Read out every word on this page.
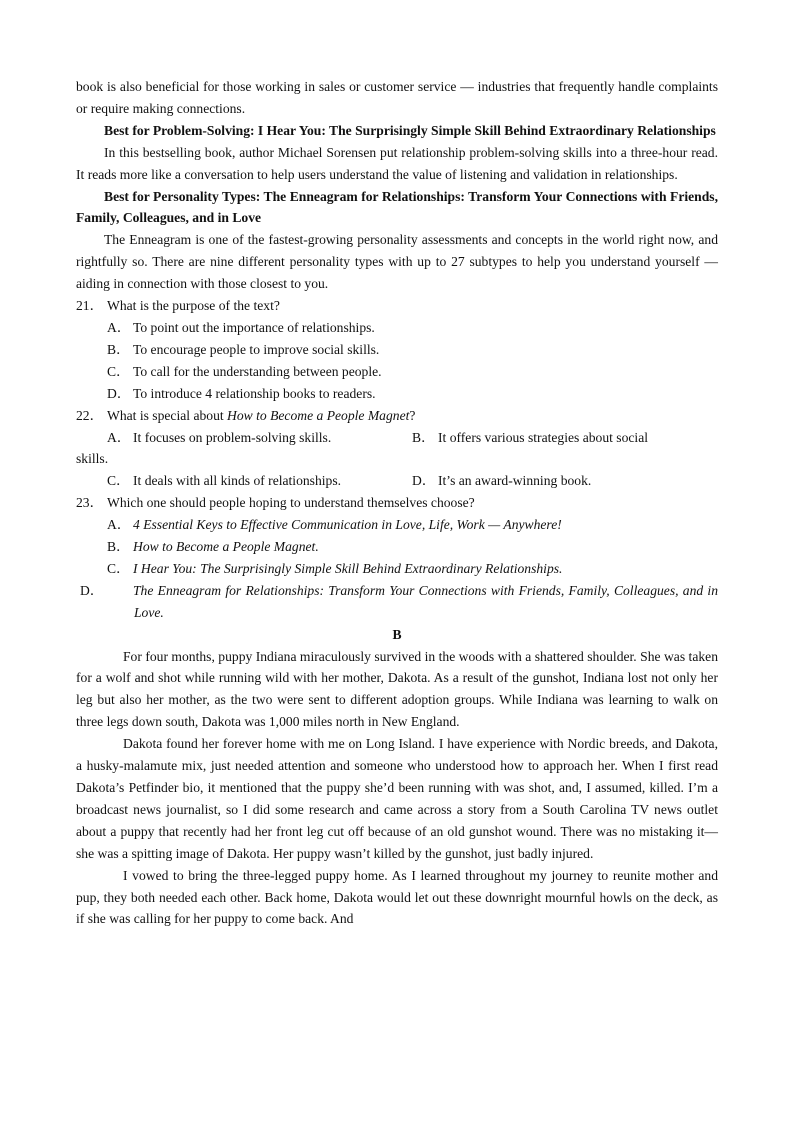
book is also beneficial for those working in sales or customer service — industries that frequently handle complaints or require making connections.

Best for Problem-Solving: I Hear You: The Surprisingly Simple Skill Behind Extraordinary Relationships

In this bestselling book, author Michael Sorensen put relationship problem-solving skills into a three-hour read. It reads more like a conversation to help users understand the value of listening and validation in relationships.

Best for Personality Types: The Enneagram for Relationships: Transform Your Connections with Friends, Family, Colleagues, and in Love

The Enneagram is one of the fastest-growing personality assessments and concepts in the world right now, and rightfully so. There are nine different personality types with up to 27 subtypes to help you understand yourself — aiding in connection with those closest to you.

21． What is the purpose of the text?

A． To point out the importance of relationships.

B． To encourage people to improve social skills.

C． To call for the understanding between people.

D． To introduce 4 relationship books to readers.

22． What is special about How to Become a People Magnet?

A． It focuses on problem-solving skills.	B． It offers various strategies about social

skills.

C． It deals with all kinds of relationships.	D． It’s an award-winning book.

23． Which one should people hoping to understand themselves choose?

A． 4 Essential Keys to Effective Communication in Love, Life, Work — Anywhere!

B． How to Become a People Magnet.

C． I Hear You: The Surprisingly Simple Skill Behind Extraordinary Relationships.

D． The Enneagram for Relationships: Transform Your Connections with Friends, Family, Colleagues, and in Love.

B

For four months, puppy Indiana miraculously survived in the woods with a shattered shoulder. She was taken for a wolf and shot while running wild with her mother, Dakota. As a result of the gunshot, Indiana lost not only her leg but also her mother, as the two were sent to different adoption groups. While Indiana was learning to walk on three legs down south, Dakota was 1,000 miles north in New England.

Dakota found her forever home with me on Long Island. I have experience with Nordic breeds, and Dakota, a husky-malamute mix, just needed attention and someone who understood how to approach her. When I first read Dakota’s Petfinder bio, it mentioned that the puppy she’d been running with was shot, and, I assumed, killed. I’m a broadcast news journalist, so I did some research and came across a story from a South Carolina TV news outlet about a puppy that recently had her front leg cut off because of an old gunshot wound. There was no mistaking it—she was a spitting image of Dakota. Her puppy wasn’t killed by the gunshot, just badly injured.

I vowed to bring the three-legged puppy home. As I learned throughout my journey to reunite mother and pup, they both needed each other. Back home, Dakota would let out these downright mournful howls on the deck, as if she was calling for her puppy to come back. And
